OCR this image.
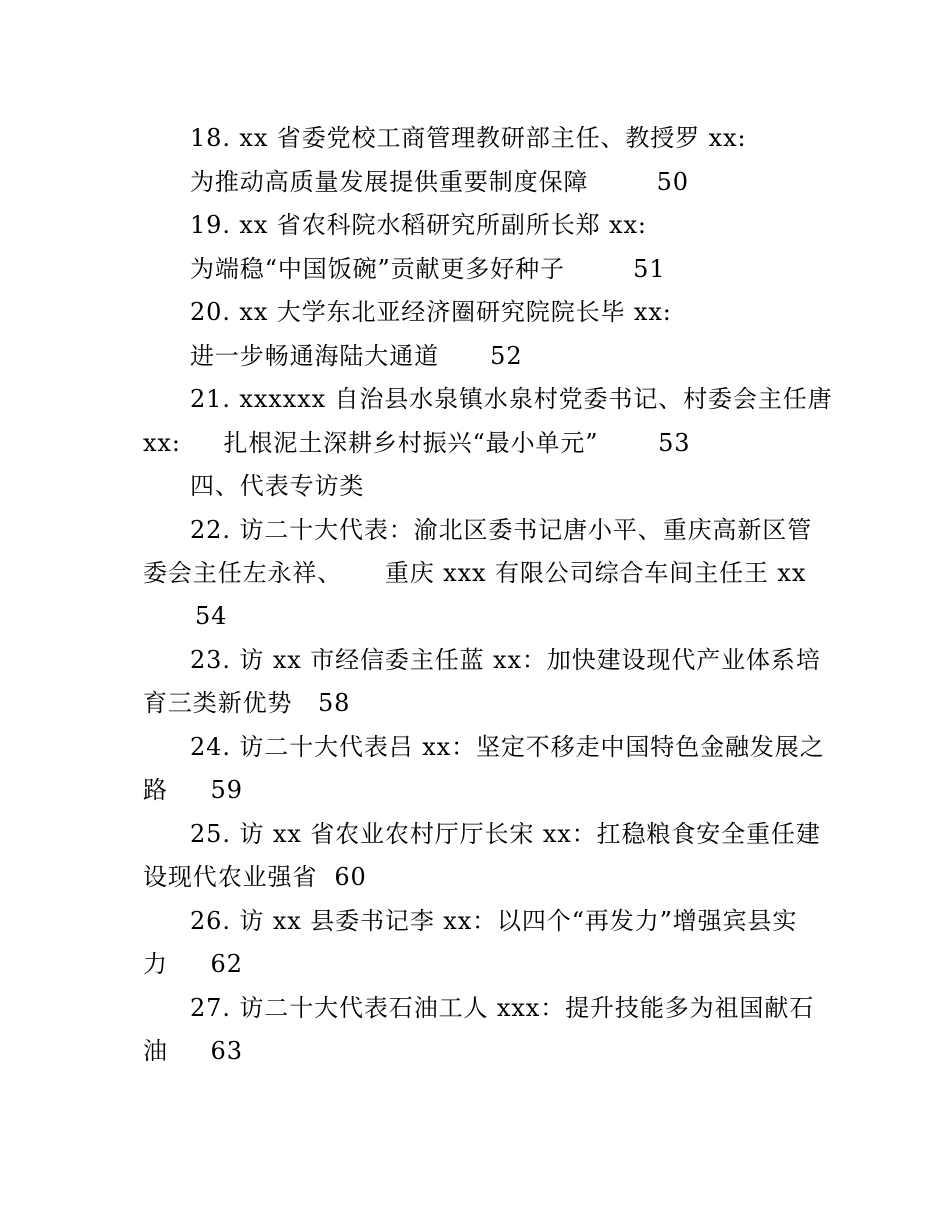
18. xx 省委党校工商管理教研部主任、教授罗 xx:
为推动高质量发展提供重要制度保障        50
19. xx 省农科院水稻研究所副所长郑 xx:
为端稳“中国饭碗”贡献更多好种子        51
20. xx 大学东北亚经济圈研究院院长毕 xx:
进一步畅通海陆大通道      52
21. xxxxxx 自治县水泉镇水泉村党委书记、村委会主任唐
xx:     扎根泥土深耕乡村振兴“最小单元”       53
四、代表专访类
22. 访二十大代表：渝北区委书记唐小平、重庆高新区管
委会主任左永祥、     重庆 xxx 有限公司综合车间主任王 xx
54
23. 访 xx 市经信委主任蓝 xx：加快建设现代产业体系培
育三类新优势   58
24. 访二十大代表吕 xx：坚定不移走中国特色金融发展之
路     59
25. 访 xx 省农业农村厅厅长宋 xx：扛稳粮食安全重任建
设现代农业强省  60
26. 访 xx 县委书记李 xx：以四个“再发力”增强宾县实
力     62
27. 访二十大代表石油工人 xxx：提升技能多为祖国献石
油     63
